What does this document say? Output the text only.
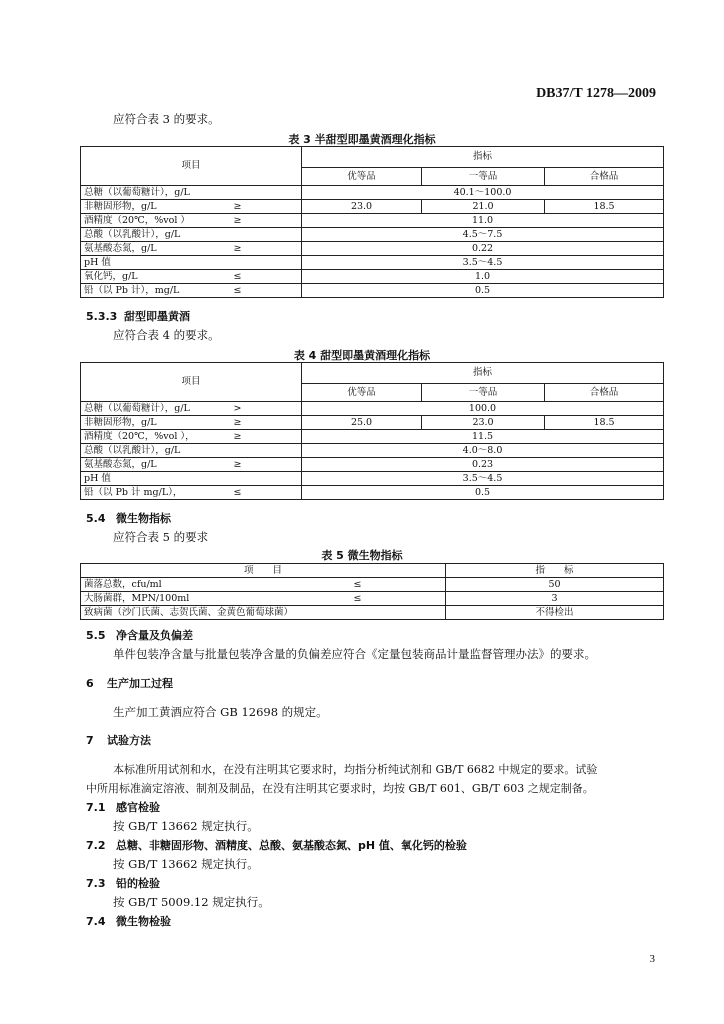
DB37/T 1278—2009
应符合表 3 的要求。
表 3 半甜型即墨黄酒理化指标
项目		指标		
		优等品	一等品	合格品
总糖（以葡萄糖计），g/L		40.1～100.0		
非糖固形物，g/L	≥	23.0	21.0	18.5
酒精度（20℃，%vol ）	≥	11.0		
总酸（以乳酸计），g/L		4.5～7.5		
氨基酸态氮，g/L	≥	0.22		
pH 值		3.5～4.5		
氧化钙，g/L	≤	1.0		
铅（以 Pb 计），mg/L	≤	0.5		
5.3.3 甜型即墨黄酒
应符合表 4 的要求。
表 4 甜型即墨黄酒理化指标
项目		指标		
		优等品	一等品	合格品
总糖（以葡萄糖计），g/L	>	100.0		
非糖固形物，g/L	≥	25.0	23.0	18.5
酒精度（20℃，%vol ），	≥	11.5		
总酸（以乳酸计），g/L		4.0～8.0		
氨基酸态氮，g/L	≥	0.23		
pH 值		3.5～4.5		
铅（以 Pb 计 mg/L），	≤	0.5		
5.4 微生物指标
应符合表 5 的要求
表 5 微生物指标
项　　目		指　　标
菌落总数，cfu/ml	≤	50
大肠菌群，MPN/100ml	≤	3
致病菌（沙门氏菌、志贺氏菌、金黄色葡萄球菌）		不得检出
5.5 净含量及负偏差
单件包装净含量与批量包装净含量的负偏差应符合《定量包装商品计量监督管理办法》的要求。
6 生产加工过程
生产加工黄酒应符合 GB 12698 的规定。
7 试验方法
本标准所用试剂和水，在没有注明其它要求时，均指分析纯试剂和 GB/T 6682 中规定的要求。试验
中所用标准滴定溶液、制剂及制品，在没有注明其它要求时，均按 GB/T 601、GB/T 603 之规定制备。
7.1 感官检验
按 GB/T 13662 规定执行。
7.2 总糖、非糖固形物、酒精度、总酸、氨基酸态氮、pH 值、氧化钙的检验
按 GB/T 13662 规定执行。
7.3 铅的检验
按 GB/T 5009.12 规定执行。
7.4 微生物检验
3
